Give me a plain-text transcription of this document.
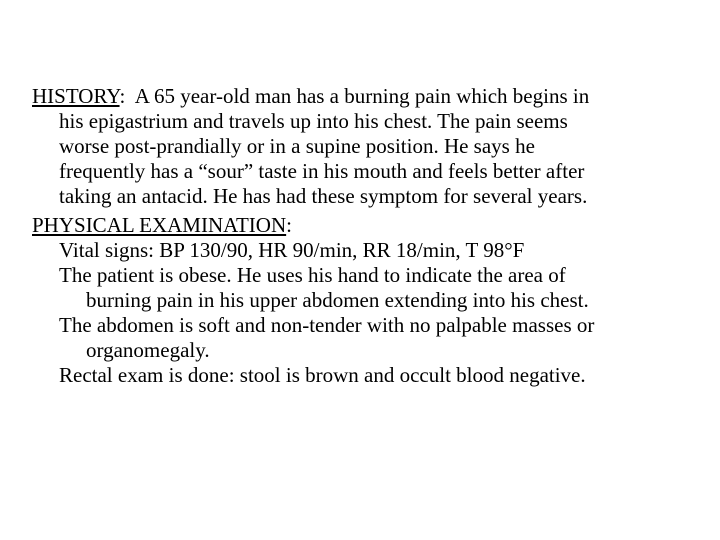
HISTORY: A 65 year-old man has a burning pain which begins in
his epigastrium and travels up into his chest. The pain seems
worse post-prandially or in a supine position. He says he
frequently has a “sour” taste in his mouth and feels better after
taking an antacid. He has had these symptom for several years.
PHYSICAL EXAMINATION:
Vital signs: BP 130/90, HR 90/min, RR 18/min, T 98°F
The patient is obese. He uses his hand to indicate the area of
burning pain in his upper abdomen extending into his chest.
The abdomen is soft and non-tender with no palpable masses or
organomegaly.
Rectal exam is done: stool is brown and occult blood negative.
